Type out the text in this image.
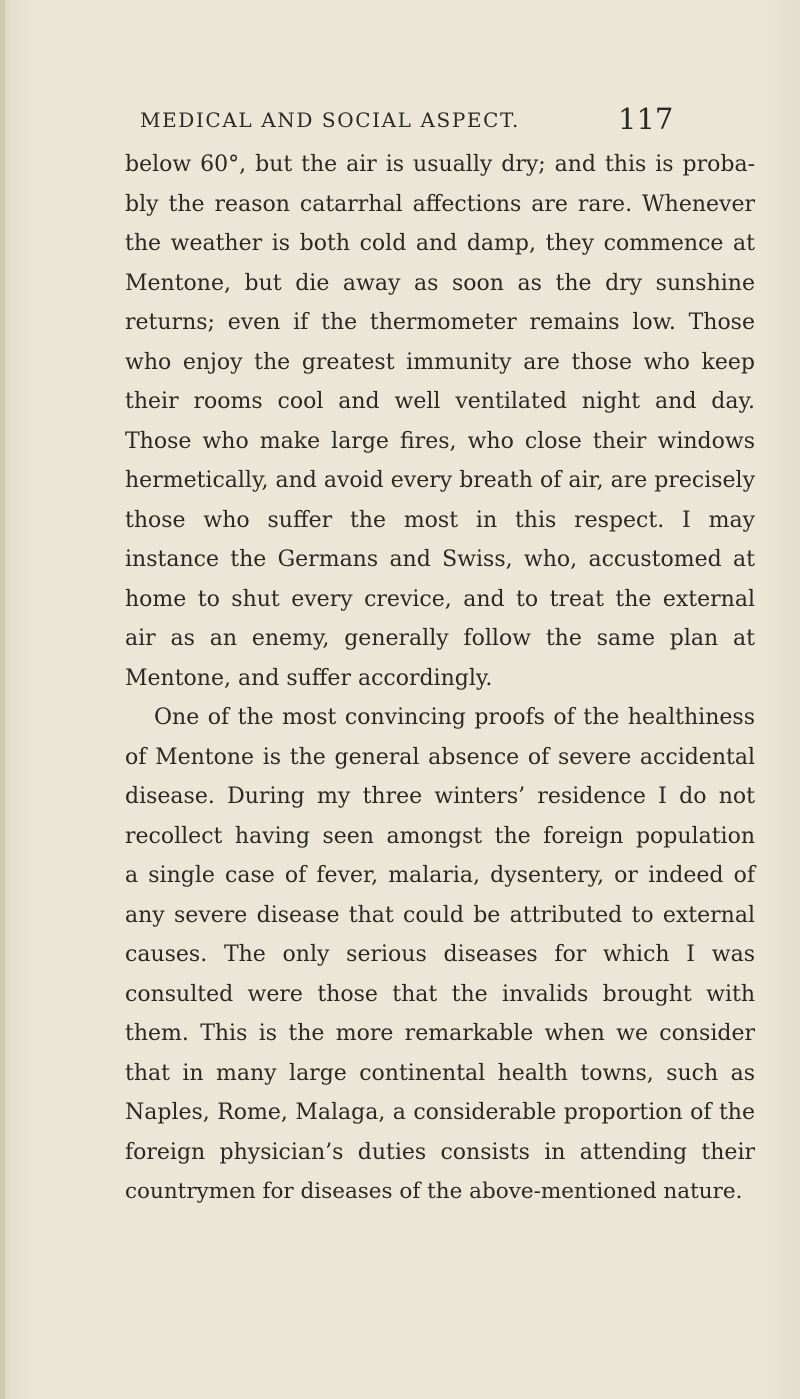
MEDICAL AND SOCIAL ASPECT.	117
below 60°, but the air is usually dry; and this is proba-
bly the reason catarrhal affections are rare. Whenever
the weather is both cold and damp, they commence at
Mentone, but die away as soon as the dry sunshine
returns; even if the thermometer remains low. Those
who enjoy the greatest immunity are those who keep
their rooms cool and well ventilated night and day.
Those who make large fires, who close their windows
hermetically, and avoid every breath of air, are precisely
those who suffer the most in this respect. I may
instance the Germans and Swiss, who, accustomed at
home to shut every crevice, and to treat the external
air as an enemy, generally follow the same plan at
Mentone, and suffer accordingly.
One of the most convincing proofs of the healthiness
of Mentone is the general absence of severe accidental
disease. During my three winters’ residence I do not
recollect having seen amongst the foreign population
a single case of fever, malaria, dysentery, or indeed of
any severe disease that could be attributed to external
causes. The only serious diseases for which I was
consulted were those that the invalids brought with
them. This is the more remarkable when we consider
that in many large continental health towns, such as
Naples, Rome, Malaga, a considerable proportion of the
foreign physician’s duties consists in attending their
countrymen for diseases of the above-mentioned nature.
